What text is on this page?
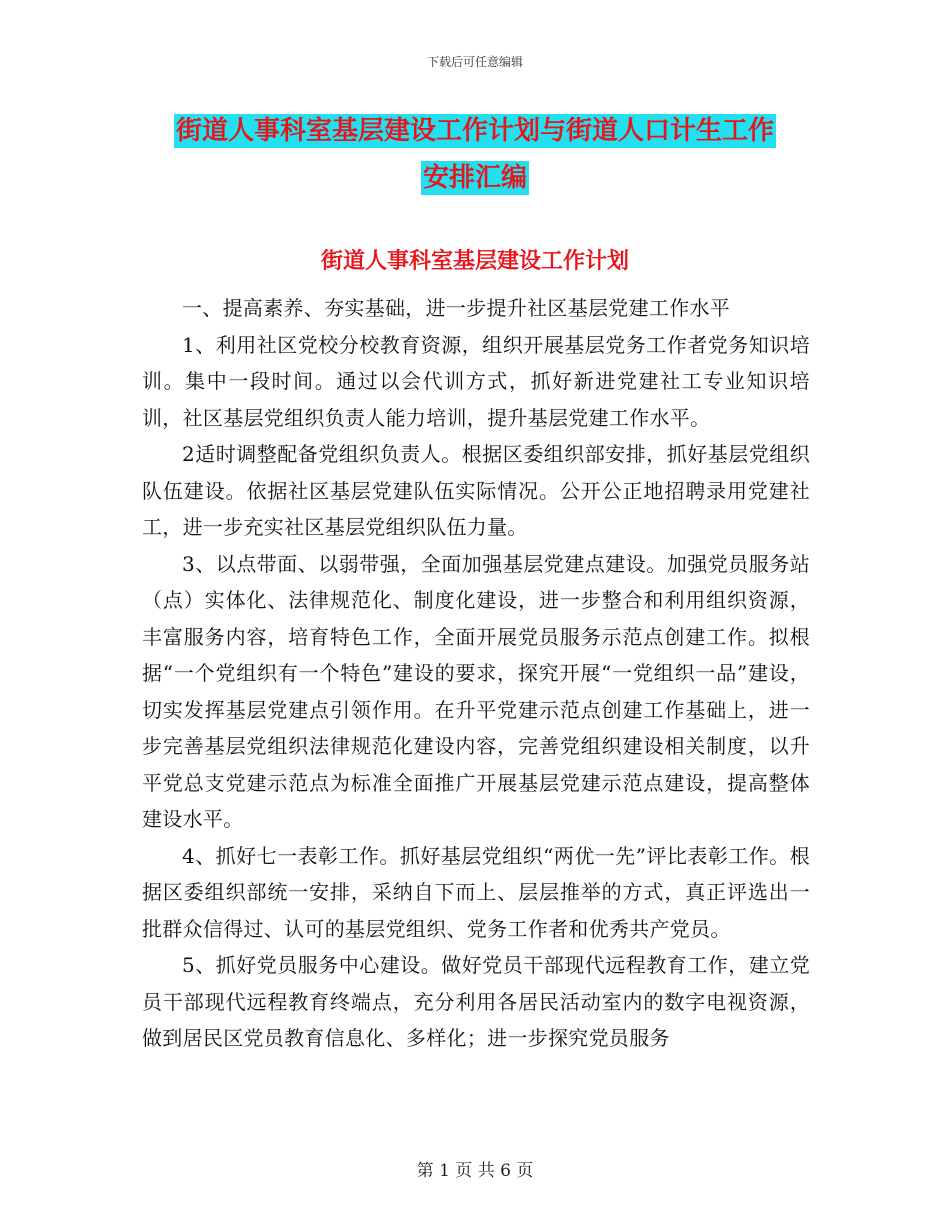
下载后可任意编辑
街道人事科室基层建设工作计划与街道人口计生工作
安排汇编
街道人事科室基层建设工作计划

一、提高素养、夯实基础，进一步提升社区基层党建工作水平

1、利用社区党校分校教育资源，组织开展基层党务工作者党务知识培训。集中一段时间。通过以会代训方式，抓好新进党建社工专业知识培训，社区基层党组织负责人能力培训，提升基层党建工作水平。

2适时调整配备党组织负责人。根据区委组织部安排，抓好基层党组织队伍建设。依据社区基层党建队伍实际情况。公开公正地招聘录用党建社工，进一步充实社区基层党组织队伍力量。

3、以点带面、以弱带强，全面加强基层党建点建设。加强党员服务站（点）实体化、法律规范化、制度化建设，进一步整合和利用组织资源，丰富服务内容，培育特色工作，全面开展党员服务示范点创建工作。拟根据“一个党组织有一个特色”建设的要求，探究开展“一党组织一品”建设，切实发挥基层党建点引领作用。在升平党建示范点创建工作基础上，进一步完善基层党组织法律规范化建设内容，完善党组织建设相关制度，以升平党总支党建示范点为标准全面推广开展基层党建示范点建设，提高整体建设水平。

4、抓好七一表彰工作。抓好基层党组织“两优一先”评比表彰工作。根据区委组织部统一安排，采纳自下而上、层层推举的方式，真正评选出一批群众信得过、认可的基层党组织、党务工作者和优秀共产党员。

5、抓好党员服务中心建设。做好党员干部现代远程教育工作，建立党员干部现代远程教育终端点，充分利用各居民活动室内的数字电视资源，做到居民区党员教育信息化、多样化；进一步探究党员服务

第 1 页 共 6 页
